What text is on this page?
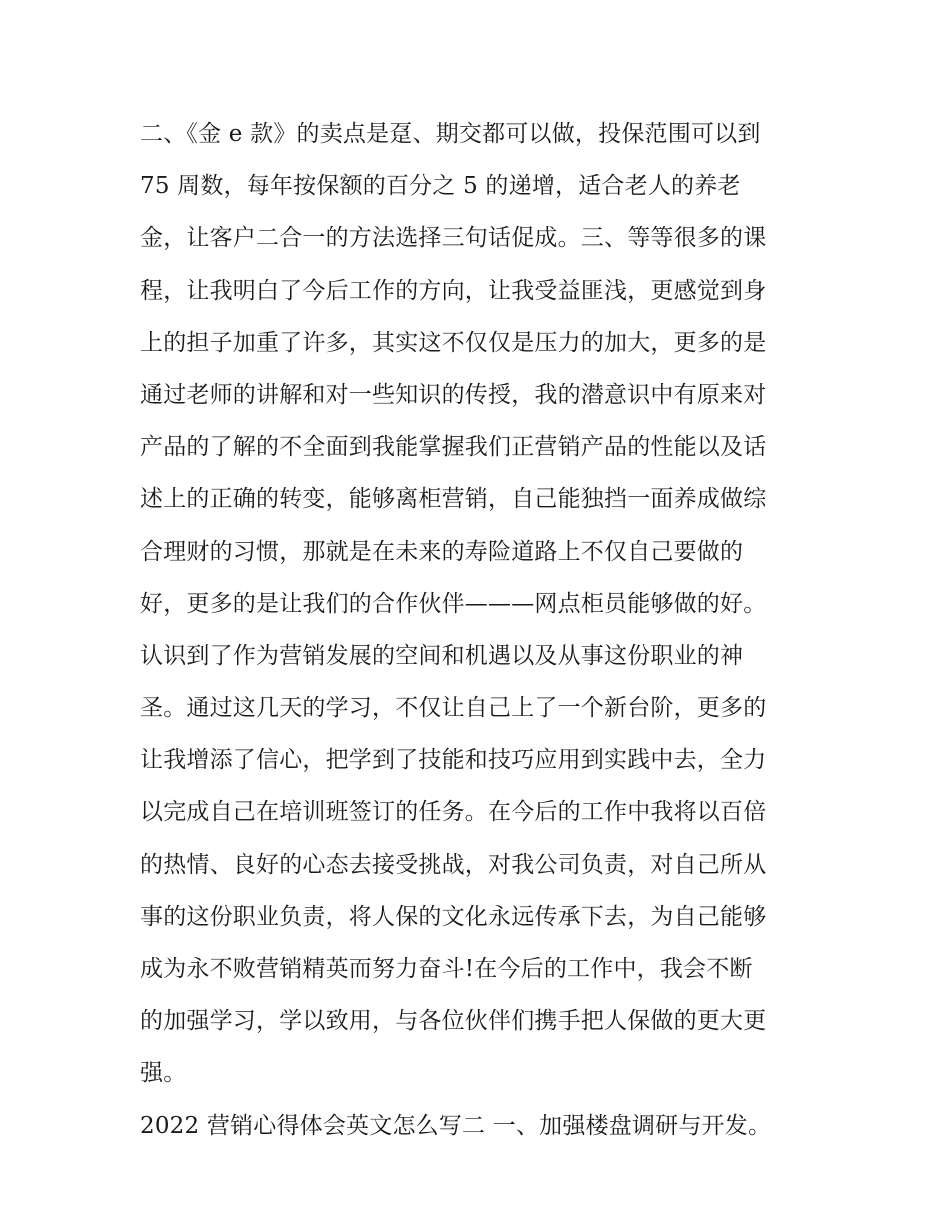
二、《金 e 款》的卖点是趸、期交都可以做，投保范围可以到
75 周数，每年按保额的百分之 5 的递增，适合老人的养老
金，让客户二合一的方法选择三句话促成。三、等等很多的课
程，让我明白了今后工作的方向，让我受益匪浅，更感觉到身
上的担子加重了许多，其实这不仅仅是压力的加大，更多的是
通过老师的讲解和对一些知识的传授，我的潜意识中有原来对
产品的了解的不全面到我能掌握我们正营销产品的性能以及话
述上的正确的转变，能够离柜营销，自己能独挡一面养成做综
合理财的习惯，那就是在未来的寿险道路上不仅自己要做的
好，更多的是让我们的合作伙伴———网点柜员能够做的好。
认识到了作为营销发展的空间和机遇以及从事这份职业的神
圣。通过这几天的学习，不仅让自己上了一个新台阶，更多的
让我增添了信心，把学到了技能和技巧应用到实践中去，全力
以完成自己在培训班签订的任务。在今后的工作中我将以百倍
的热情、良好的心态去接受挑战，对我公司负责，对自己所从
事的这份职业负责，将人保的文化永远传承下去，为自己能够
成为永不败营销精英而努力奋斗!在今后的工作中，我会不断
的加强学习，学以致用，与各位伙伴们携手把人保做的更大更
强。
2022 营销心得体会英文怎么写二 一、加强楼盘调研与开发。
